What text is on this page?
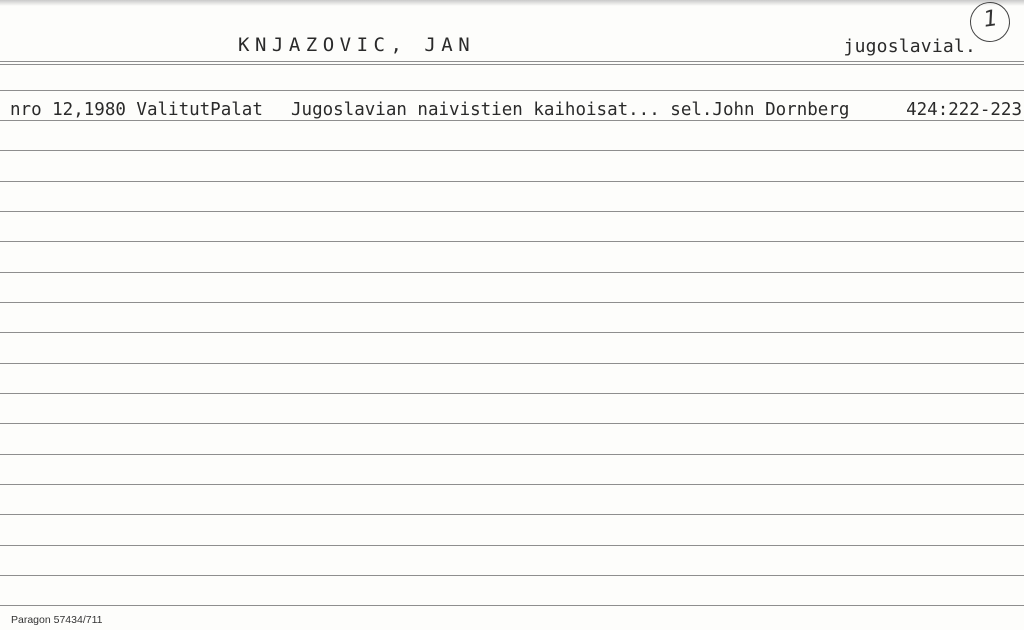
KNJAZOVIC, JAN	jugoslavial.
1
nro 12,1980 ValitutPalat Jugoslavian naivistien kaihoisat... sel.John Dornberg	424:222-223
Paragon 57434/711
